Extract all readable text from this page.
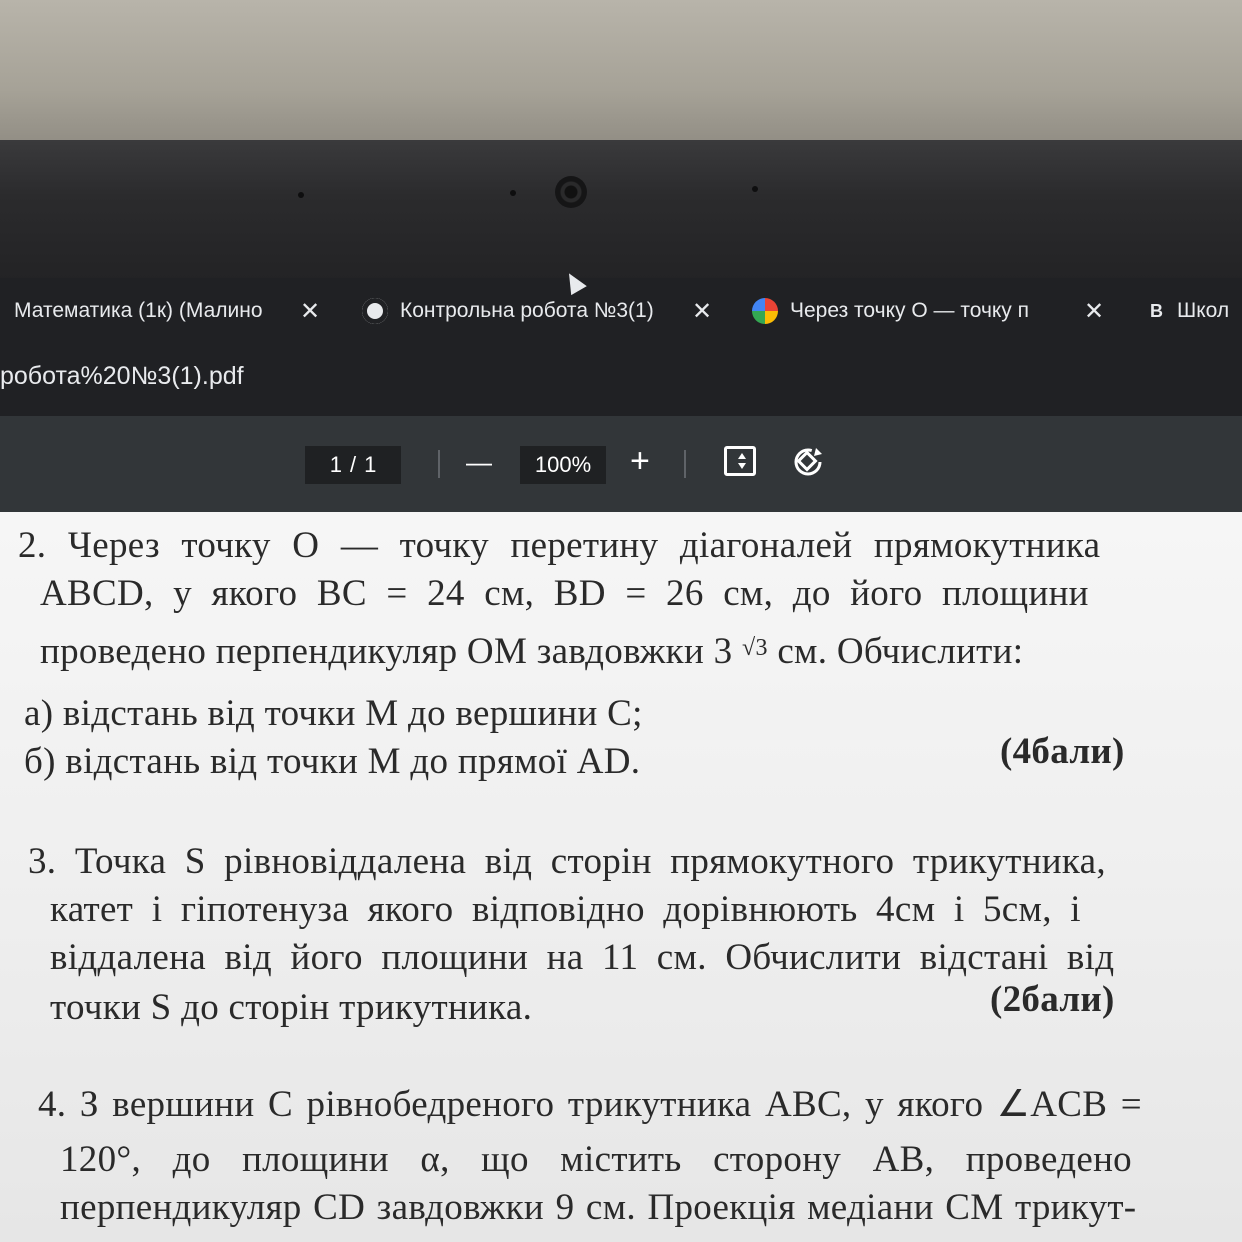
Математика (1к) (Малино ✕	Контрольна робота №3(1) ✕	Через точку О — точку п	✕	B Школ
робота%20№3(1).pdf
1 / 1	—	100%	+
2. Через точку О — точку перетину діагоналей прямокутника
ABCD, у якого BC = 24 см, BD = 26 см, до його площини
проведено перпендикуляр ОМ завдовжки 3 $^{√3}$ см. Обчислити:
а) відстань від точки М до вершини С;
б) відстань від точки М до прямої AD.	(4бали)
3. Точка S рівновіддалена від сторін прямокутного трикутника,
катет і гіпотенуза якого відповідно дорівнюють 4см і 5см, і
віддалена від його площини на 11 см. Обчислити відстані від
точки S до сторін трикутника.	(2бали)
4. З вершини С рівнобедреного трикутника АВС, у якого ∠ACB =
120°, до площини α, що містить сторону АВ, проведено
перпендикуляр CD завдовжки 9 см. Проекція медіани СМ трикут-
